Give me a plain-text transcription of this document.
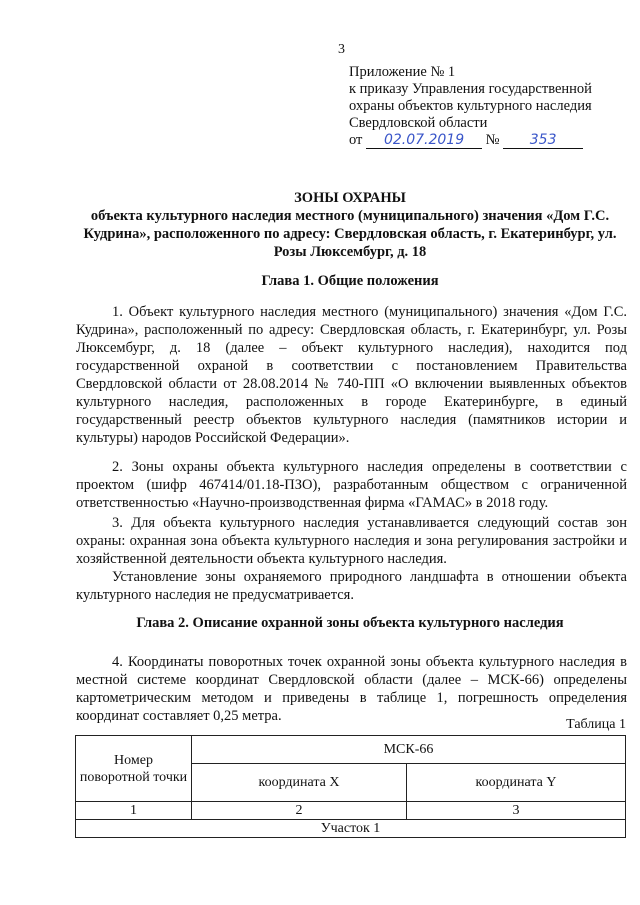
3
Приложение № 1
к приказу Управления государственной
охраны объектов культурного наследия
Свердловской области
от 02.07.2019 № 353
ЗОНЫ ОХРАНЫ
объекта культурного наследия местного (муниципального) значения «Дом Г.С. Кудрина», расположенного по адресу: Свердловская область, г. Екатеринбург, ул. Розы Люксембург, д. 18
Глава 1. Общие положения
1. Объект культурного наследия местного (муниципального) значения «Дом Г.С. Кудрина», расположенный по адресу: Свердловская область, г. Екатеринбург, ул. Розы Люксембург, д. 18 (далее – объект культурного наследия), находится под государственной охраной в соответствии с постановлением Правительства Свердловской области от 28.08.2014 № 740-ПП «О включении выявленных объектов культурного наследия, расположенных в городе Екатеринбурге, в единый государственный реестр объектов культурного наследия (памятников истории и культуры) народов Российской Федерации».
2. Зоны охраны объекта культурного наследия определены в соответствии с проектом (шифр 467414/01.18-ПЗО), разработанным обществом с ограниченной ответственностью «Научно-производственная фирма «ГАМАС» в 2018 году.
3. Для объекта культурного наследия устанавливается следующий состав зон охраны: охранная зона объекта культурного наследия и зона регулирования застройки и хозяйственной деятельности объекта культурного наследия.
Установление зоны охраняемого природного ландшафта в отношении объекта культурного наследия не предусматривается.
Глава 2. Описание охранной зоны объекта культурного наследия
4. Координаты поворотных точек охранной зоны объекта культурного наследия в местной системе координат Свердловской области (далее – МСК-66) определены картометрическим методом и приведены в таблице 1, погрешность определения координат составляет 0,25 метра.
Таблица 1
Номер поворотной точки	МСК-66	
	координата X	координата Y
1	2	3
Участок 1		
